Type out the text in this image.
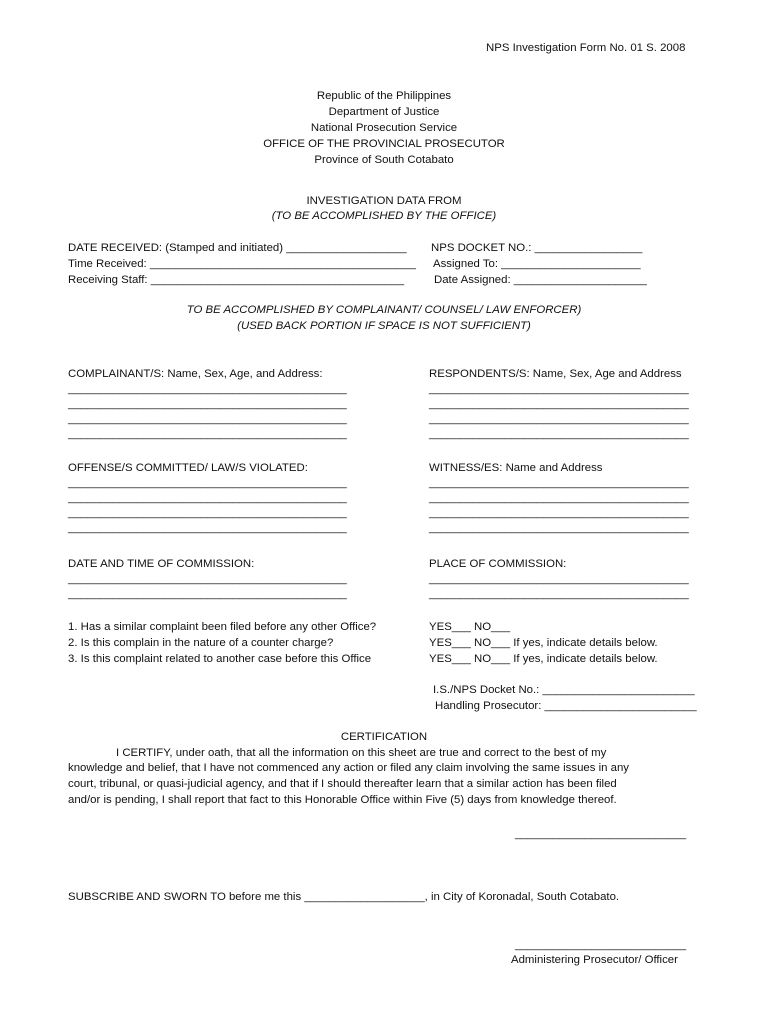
NPS Investigation Form No. 01 S. 2008
Republic of the Philippines
Department of Justice
National Prosecution Service
OFFICE OF THE PROVINCIAL PROSECUTOR
Province of South Cotabato
INVESTIGATION DATA FROM
(TO BE ACCOMPLISHED BY THE OFFICE)
DATE RECEIVED: (Stamped and initiated) ___________________ NPS DOCKET NO.: _________________
Time Received: __________________________________________ Assigned To: ______________________
Receiving Staff: ________________________________________	Date Assigned: _____________________
TO BE ACCOMPLISHED BY COMPLAINANT/ COUNSEL/ LAW ENFORCER)
(USED BACK PORTION IF SPACE IS NOT SUFFICIENT)
COMPLAINANT/S: Name, Sex, Age, and Address:
____________________________________________
____________________________________________
____________________________________________
____________________________________________
RESPONDENTS/S: Name, Sex, Age and Address
_________________________________________
_________________________________________
_________________________________________
_________________________________________
OFFENSE/S COMMITTED/ LAW/S VIOLATED:
____________________________________________
____________________________________________
____________________________________________
____________________________________________
WITNESS/ES: Name and Address
_________________________________________
_________________________________________
_________________________________________
_________________________________________
DATE AND TIME OF COMMISSION:
____________________________________________
____________________________________________
PLACE OF COMMISSION:
_________________________________________
_________________________________________
1. Has a similar complaint been filed before any other Office?	YES___ NO___
2. Is this complain in the nature of a counter charge?	YES___ NO___ If yes, indicate details below.
3. Is this complaint related to another case before this Office	YES___ NO___ If yes, indicate details below.
I.S./NPS Docket No.: ________________________
Handling Prosecutor: ________________________
CERTIFICATION
I CERTIFY, under oath, that all the information on this sheet are true and correct to the best of my
knowledge and belief, that I have not commenced any action or filed any claim involving the same issues in any
court, tribunal, or quasi-judicial agency, and that if I should thereafter learn that a similar action has been filed
and/or is pending, I shall report that fact to this Honorable Office within Five (5) days from knowledge thereof.
___________________________
SUBSCRIBE AND SWORN TO before me this ___________________, in City of Koronadal, South Cotabato.
___________________________
Administering Prosecutor/ Officer
